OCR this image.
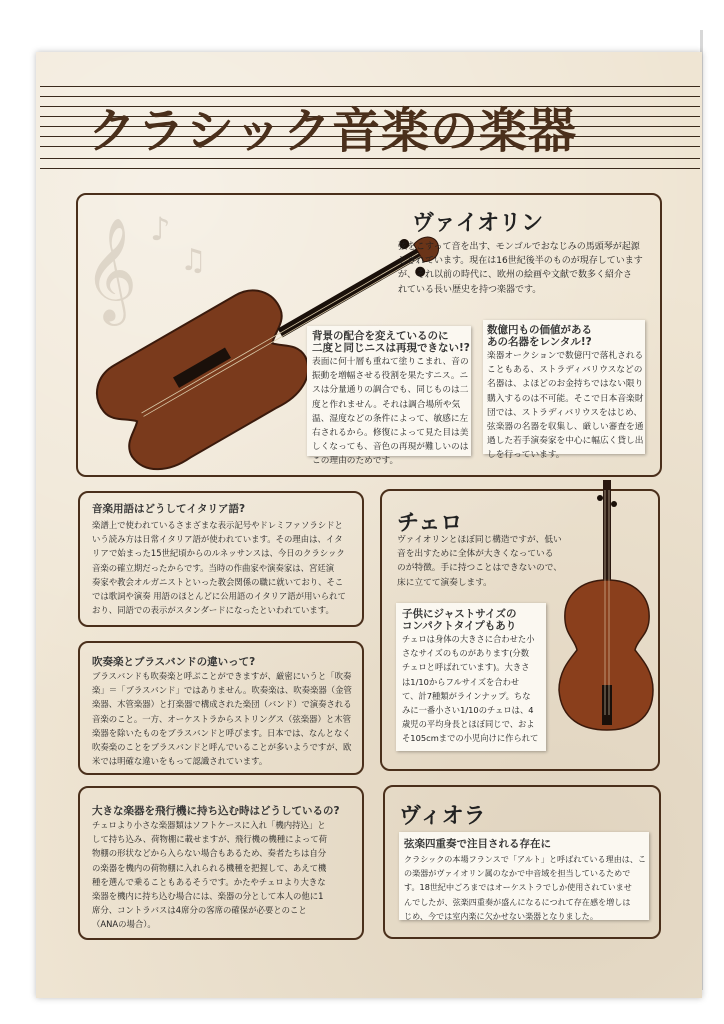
クラシック音楽の楽器
𝄞 ♪
♫
ヴァイオリン
弦をこすって音を出す、モンゴルでおなじみの馬頭琴が起源
とされています。現在は16世紀後半のものが現存しています
が、それ以前の時代に、欧州の絵画や文献で数多く紹介さ
れている長い歴史を持つ楽器です。
背景の配合を変えているのに
二度と同じニスは再現できない!?
表面に何十層も重ねて塗りこまれ、音の
振動を増幅させる役割を果たすニス。ニ
スは分量通りの調合でも、同じものは二
度と作れません。それは調合場所や気
温、湿度などの条件によって、敏感に左
右されるから。修復によって見た目は美
しくなっても、音色の再現が難しいのは
この理由のためです。
数億円もの価値がある
あの名器をレンタル!?
楽器オークションで数億円で落札される
こともある、ストラディバリウスなどの
名器は、よほどのお金持ちではない限り
購入するのは不可能。そこで日本音楽財
団では、ストラディバリウスをはじめ、
弦楽器の名器を収集し、厳しい審査を通
過した若手演奏家を中心に幅広く貸し出
しを行っています。
音楽用語はどうしてイタリア語?
楽譜上で使われているさまざまな表示記号やドレミファソラシドと
いう読み方は日常イタリア語が使われています。その理由は、イタ
リアで始まった15世紀頃からのルネッサンスは、今日のクラシック
音楽の確立期だったからです。当時の作曲家や演奏家は、宮廷演
奏家や教会オルガニストといった教会関係の職に就いており、そこ
では歌詞や演奏 用語のほとんどに公用語のイタリア語が用いられて
おり、同語での表示がスタンダードになったといわれています。
吹奏楽とブラスバンドの違いって?
ブラスバンドも吹奏楽と呼ぶことができますが、厳密にいうと「吹奏
楽」＝「ブラスバンド」ではありません。吹奏楽は、吹奏楽器（金管
楽器、木管楽器）と打楽器で構成された楽団（バンド）で演奏される
音楽のこと。一方、オーケストラからストリングス（弦楽器）と木管
楽器を除いたものをブラスバンドと呼びます。日本では、なんとなく
吹奏楽のことをブラスバンドと呼んでいることが多いようですが、欧
米では明確な違いをもって認識されています。
大きな楽器を飛行機に持ち込む時はどうしているの?
チェロより小さな楽器類はソフトケースに入れ「機内持込」と
して持ち込み、荷物棚に載せますが、飛行機の機種によって荷
物棚の形状などから入らない場合もあるため、奏者たちは自分
の楽器を機内の荷物棚に入れられる機種を把握して、あえて機
種を選んで乗ることもあるそうです。かたやチェロより大きな
楽器を機内に持ち込む場合には、楽器の分として本人の他に1
席分、コントラバスは4席分の客席の確保が必要とのこと
（ANAの場合）。
チェロ
ヴァイオリンとほぼ同じ構造ですが、低い
音を出すために全体が大きくなっている
のが特徴。手に持つことはできないので、
床に立てて演奏します。
子供にジャストサイズの
コンパクトタイプもあり
チェロは身体の大きさに合わせた小
さなサイズのものがあります(分数
チェロと呼ばれています)。大きさ
は1/10からフルサイズを合わせ
て、計7種類がラインナップ。ちな
みに一番小さい1/10のチェロは、4
歳児の平均身長とほぼ同じで、およ
そ105cmまでの小児向けに作られて
ヴィオラ
弦楽四重奏で注目される存在に
クラシックの本場フランスで「アルト」と呼ばれている理由は、こ
の楽器がヴァイオリン属のなかで中音域を担当しているためで
す。18世紀中ごろまではオーケストラでしか使用されていませ
んでしたが、弦楽四重奏が盛んになるにつれて存在感を増しは
じめ、今では室内楽に欠かせない楽器となりました。
